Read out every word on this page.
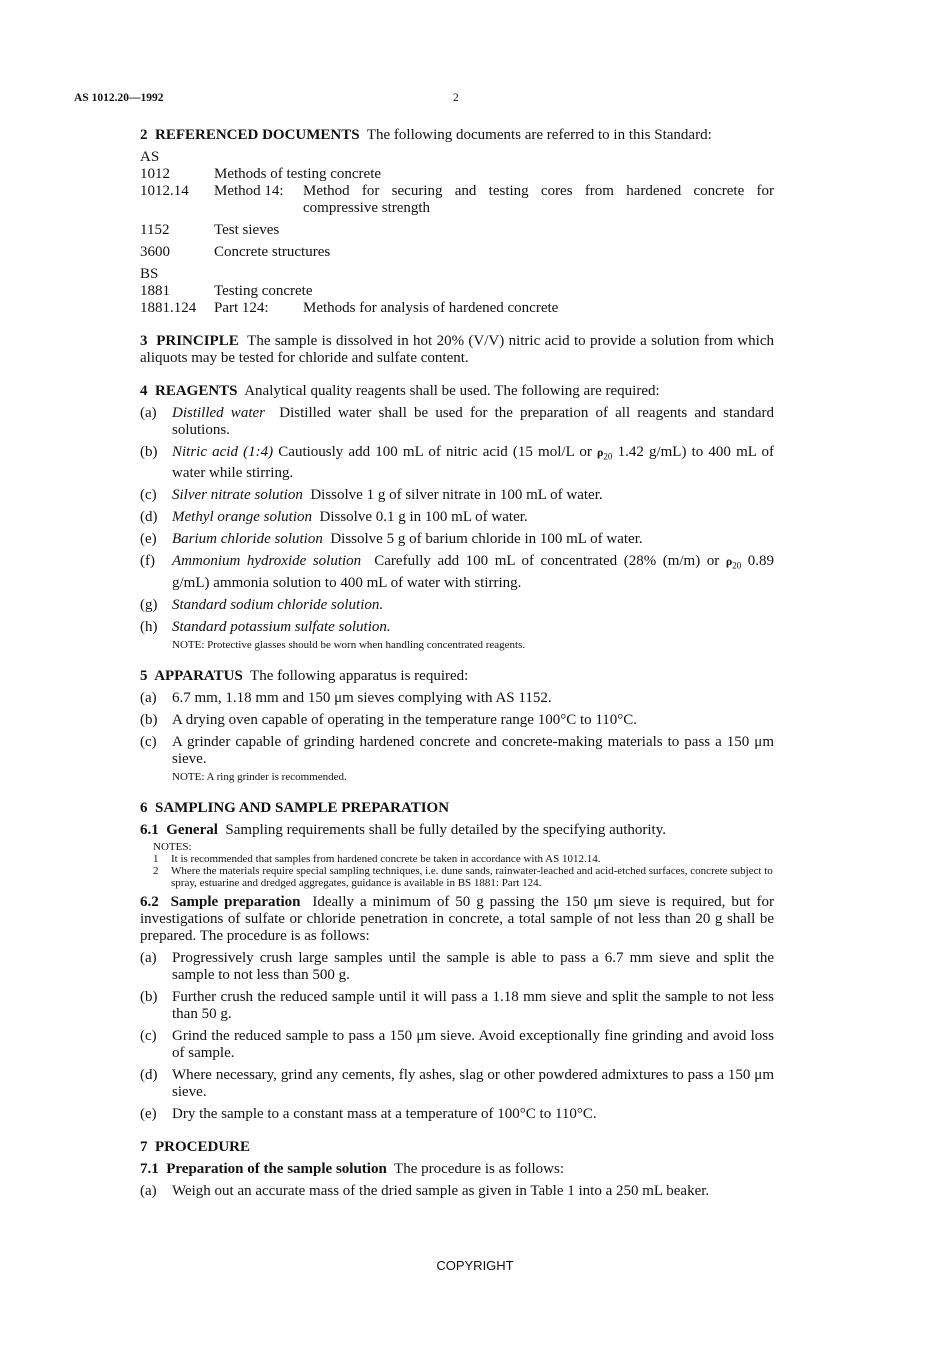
AS 1012.20—1992	2

2 REFERENCED DOCUMENTS The following documents are referred to in this Standard:

AS
1012	Methods of testing concrete
1012.14	Method 14:	Method for securing and testing cores from hardened concrete for compressive strength
1152	Test sieves
3600	Concrete structures
BS
1881	Testing concrete
1881.124	Part 124:	Methods for analysis of hardened concrete

3 PRINCIPLE The sample is dissolved in hot 20% (V/V) nitric acid to provide a solution from which aliquots may be tested for chloride and sulfate content.

4 REAGENTS Analytical quality reagents shall be used. The following are required:

(a)	Distilled water Distilled water shall be used for the preparation of all reagents and standard solutions.
(b) Nitric acid (1:4) Cautiously add 100 mL of nitric acid (15 mol/L or $\rho_{20}$ 1.42 g/mL) to 400 mL of water while stirring.
(c)	Silver nitrate solution Dissolve 1 g of silver nitrate in 100 mL of water.
(d) Methyl orange solution Dissolve 0.1 g in 100 mL of water.
(e)	Barium chloride solution Dissolve 5 g of barium chloride in 100 mL of water.
(f)	Ammonium hydroxide solution Carefully add 100 mL of concentrated (28% (m/m) or $\rho_{20}$ 0.89 g/mL) ammonia solution to 400 mL of water with stirring.
(g) Standard sodium chloride solution.
(h) Standard potassium sulfate solution.
NOTE: Protective glasses should be worn when handling concentrated reagents.

5 APPARATUS The following apparatus is required:

(a)	6.7 mm, 1.18 mm and 150 μm sieves complying with AS 1152.
(b) A drying oven capable of operating in the temperature range 100°C to 110°C.
(c)	A grinder capable of grinding hardened concrete and concrete-making materials to pass a 150 μm sieve.
NOTE: A ring grinder is recommended.

6 SAMPLING AND SAMPLE PREPARATION

6.1 General Sampling requirements shall be fully detailed by the specifying authority.

NOTES:
1	It is recommended that samples from hardened concrete be taken in accordance with AS 1012.14.
2	Where the materials require special sampling techniques, i.e. dune sands, rainwater-leached and acid-etched surfaces, concrete subject to spray, estuarine and dredged aggregates, guidance is available in BS 1881: Part 124.

6.2 Sample preparation Ideally a minimum of 50 g passing the 150 μm sieve is required, but for investigations of sulfate or chloride penetration in concrete, a total sample of not less than 20 g shall be prepared. The procedure is as follows:

(a)	Progressively crush large samples until the sample is able to pass a 6.7 mm sieve and split the sample to not less than 500 g.
(b) Further crush the reduced sample until it will pass a 1.18 mm sieve and split the sample to not less than 50 g.
(c)	Grind the reduced sample to pass a 150 μm sieve. Avoid exceptionally fine grinding and avoid loss of sample.
(d) Where necessary, grind any cements, fly ashes, slag or other powdered admixtures to pass a 150 μm sieve.
(e)	Dry the sample to a constant mass at a temperature of 100°C to 110°C.

7 PROCEDURE

7.1 Preparation of the sample solution The procedure is as follows:

(a)	Weigh out an accurate mass of the dried sample as given in Table 1 into a 250 mL beaker.
COPYRIGHT
